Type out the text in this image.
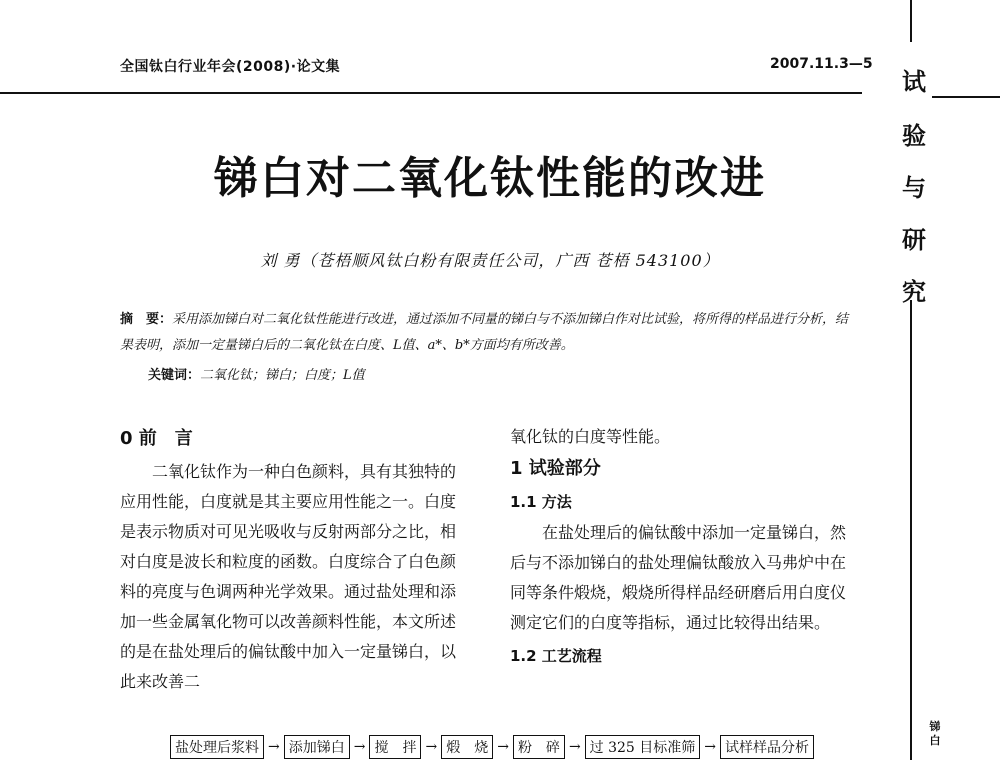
全国钛白行业年会(2008)·论文集	2007.11.3—5
试
验
与
研
究
锑白对二氧化钛性能的改进
刘 勇（苍梧顺风钛白粉有限责任公司，广西 苍梧 543100）
摘　要：采用添加锑白对二氧化钛性能进行改进，通过添加不同量的锑白与不添加锑白作对比试验，将所得的样品进行分析，结果表明，添加一定量锑白后的二氧化钛在白度、L值、a*、b*方面均有所改善。
关键词：二氧化钛；锑白；白度；L值
0 前　言

二氧化钛作为一种白色颜料，具有其独特的应用性能，白度就是其主要应用性能之一。白度是表示物质对可见光吸收与反射两部分之比，相对白度是波长和粒度的函数。白度综合了白色颜料的亮度与色调两种光学效果。通过盐处理和添加一些金属氧化物可以改善颜料性能，本文所述的是在盐处理后的偏钛酸中加入一定量锑白，以此来改善二

氧化钛的白度等性能。

1 试验部分

1.1 方法

在盐处理后的偏钛酸中添加一定量锑白，然后与不添加锑白的盐处理偏钛酸放入马弗炉中在同等条件煅烧，煅烧所得样品经研磨后用白度仪测定它们的白度等指标，通过比较得出结果。

1.2 工艺流程

盐处理后浆料 → 添加锑白 → 搅　拌 → 煅　烧 → 粉　碎 → 过 325 目标准筛 → 试样样品分析
锑
白
